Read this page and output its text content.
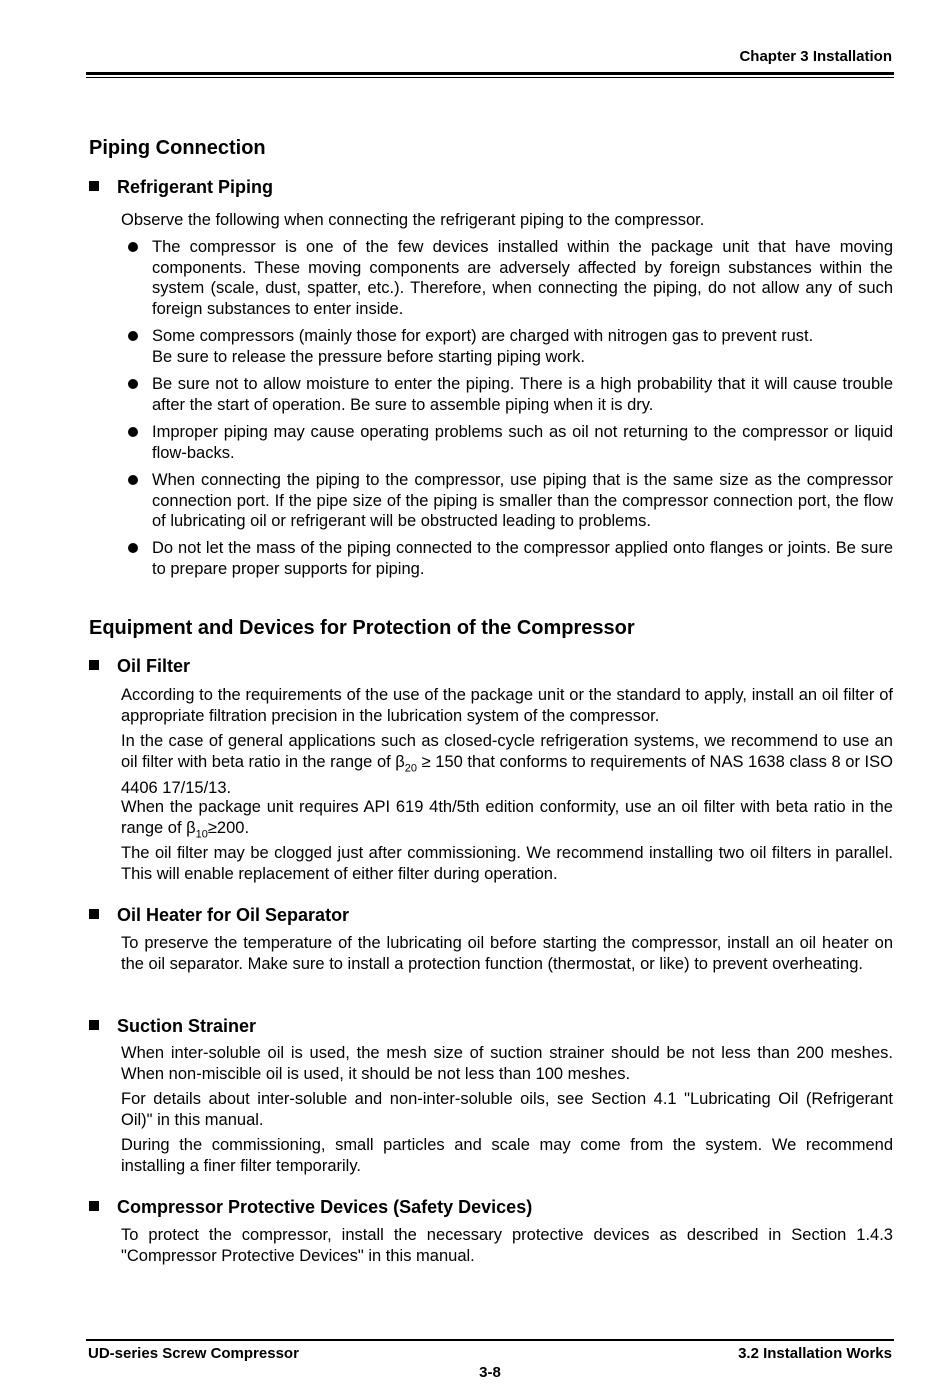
Chapter 3 Installation
Piping Connection
Refrigerant Piping
Observe the following when connecting the refrigerant piping to the compressor.
The compressor is one of the few devices installed within the package unit that have moving components. These moving components are adversely affected by foreign substances within the system (scale, dust, spatter, etc.). Therefore, when connecting the piping, do not allow any of such foreign substances to enter inside.
Some compressors (mainly those for export) are charged with nitrogen gas to prevent rust.
Be sure to release the pressure before starting piping work.
Be sure not to allow moisture to enter the piping. There is a high probability that it will cause trouble after the start of operation. Be sure to assemble piping when it is dry.
Improper piping may cause operating problems such as oil not returning to the compressor or liquid flow-backs.
When connecting the piping to the compressor, use piping that is the same size as the compressor connection port. If the pipe size of the piping is smaller than the compressor connection port, the flow of lubricating oil or refrigerant will be obstructed leading to problems.
Do not let the mass of the piping connected to the compressor applied onto flanges or joints. Be sure to prepare proper supports for piping.
Equipment and Devices for Protection of the Compressor
Oil Filter
According to the requirements of the use of the package unit or the standard to apply, install an oil filter of appropriate filtration precision in the lubrication system of the compressor.
In the case of general applications such as closed-cycle refrigeration systems, we recommend to use an oil filter with beta ratio in the range of $\beta_{20} \ge 150$ that conforms to requirements of NAS 1638 class 8 or ISO 4406 17/15/13.
When the package unit requires API 619 4th/5th edition conformity, use an oil filter with beta ratio in the range of $\beta_{10}\ge 200$.
The oil filter may be clogged just after commissioning. We recommend installing two oil filters in parallel. This will enable replacement of either filter during operation.
Oil Heater for Oil Separator
To preserve the temperature of the lubricating oil before starting the compressor, install an oil heater on the oil separator. Make sure to install a protection function (thermostat, or like) to prevent overheating.
Suction Strainer
When inter-soluble oil is used, the mesh size of suction strainer should be not less than 200 meshes. When non-miscible oil is used, it should be not less than 100 meshes.
For details about inter-soluble and non-inter-soluble oils, see Section 4.1 "Lubricating Oil (Refrigerant Oil)" in this manual.
During the commissioning, small particles and scale may come from the system. We recommend installing a finer filter temporarily.
Compressor Protective Devices (Safety Devices)
To protect the compressor, install the necessary protective devices as described in Section 1.4.3 "Compressor Protective Devices" in this manual.
UD-series Screw Compressor	3.2 Installation Works
3-8
